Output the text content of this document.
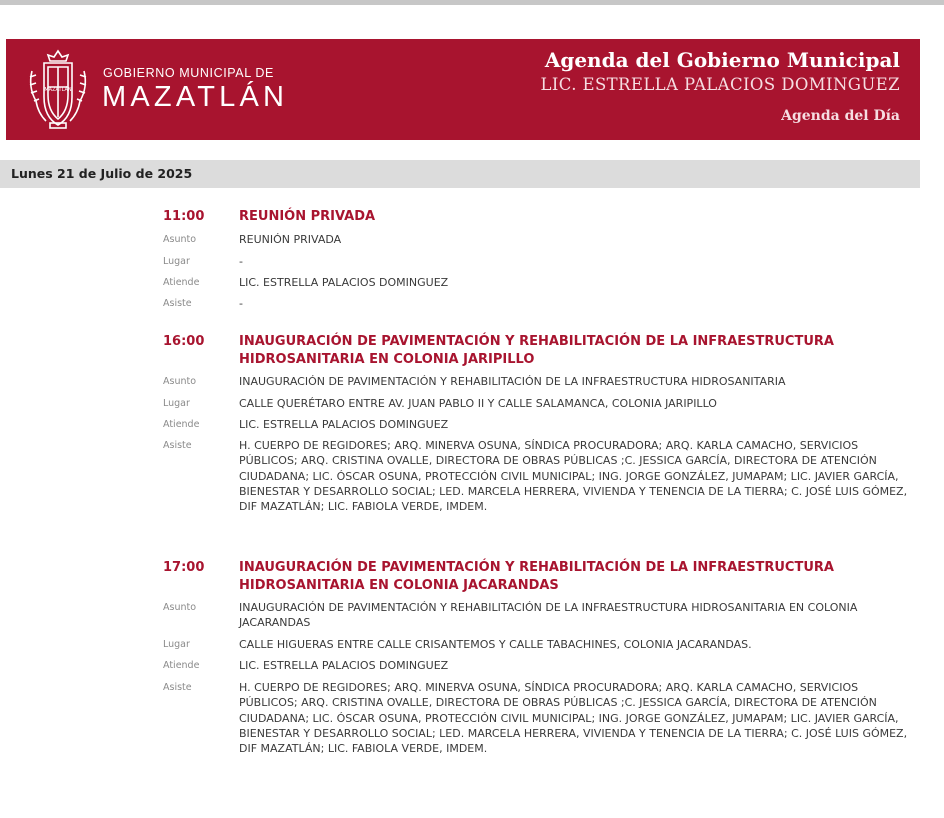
MAZATLÁN
GOBIERNO MUNICIPAL DE
MAZATLÁN
Agenda del Gobierno Municipal
LIC. ESTRELLA PALACIOS DOMINGUEZ
Agenda del Día
Lunes 21 de Julio de 2025
11:00	REUNIÓN PRIVADA
Asunto	REUNIÓN PRIVADA
Lugar	-
Atiende	LIC. ESTRELLA PALACIOS DOMINGUEZ
Asiste	-
16:00	INAUGURACIÓN DE PAVIMENTACIÓN Y REHABILITACIÓN DE LA INFRAESTRUCTURA HIDROSANITARIA EN COLONIA JARIPILLO
Asunto	INAUGURACIÓN DE PAVIMENTACIÓN Y REHABILITACIÓN DE LA INFRAESTRUCTURA HIDROSANITARIA
Lugar	CALLE QUERÉTARO ENTRE AV. JUAN PABLO II Y CALLE SALAMANCA, COLONIA JARIPILLO
Atiende	LIC. ESTRELLA PALACIOS DOMINGUEZ
Asiste	H. CUERPO DE REGIDORES; ARQ. MINERVA OSUNA, SÍNDICA PROCURADORA; ARQ. KARLA CAMACHO, SERVICIOS PÚBLICOS; ARQ. CRISTINA OVALLE, DIRECTORA DE OBRAS PÚBLICAS ;C. JESSICA GARCÍA, DIRECTORA DE ATENCIÓN CIUDADANA; LIC. ÓSCAR OSUNA, PROTECCIÓN CIVIL MUNICIPAL; ING. JORGE GONZÁLEZ, JUMAPAM; LIC. JAVIER GARCÍA, BIENESTAR Y DESARROLLO SOCIAL; LED. MARCELA HERRERA, VIVIENDA Y TENENCIA DE LA TIERRA; C. JOSÉ LUIS GÓMEZ, DIF MAZATLÁN; LIC. FABIOLA VERDE, IMDEM.
17:00	INAUGURACIÓN DE PAVIMENTACIÓN Y REHABILITACIÓN DE LA INFRAESTRUCTURA HIDROSANITARIA EN COLONIA JACARANDAS
Asunto	INAUGURACIÓN DE PAVIMENTACIÓN Y REHABILITACIÓN DE LA INFRAESTRUCTURA HIDROSANITARIA EN COLONIA JACARANDAS
Lugar	CALLE HIGUERAS ENTRE CALLE CRISANTEMOS Y CALLE TABACHINES, COLONIA JACARANDAS.
Atiende	LIC. ESTRELLA PALACIOS DOMINGUEZ
Asiste	H. CUERPO DE REGIDORES; ARQ. MINERVA OSUNA, SÍNDICA PROCURADORA; ARQ. KARLA CAMACHO, SERVICIOS PÚBLICOS; ARQ. CRISTINA OVALLE, DIRECTORA DE OBRAS PÚBLICAS ;C. JESSICA GARCÍA, DIRECTORA DE ATENCIÓN CIUDADANA; LIC. ÓSCAR OSUNA, PROTECCIÓN CIVIL MUNICIPAL; ING. JORGE GONZÁLEZ, JUMAPAM; LIC. JAVIER GARCÍA, BIENESTAR Y DESARROLLO SOCIAL; LED. MARCELA HERRERA, VIVIENDA Y TENENCIA DE LA TIERRA; C. JOSÉ LUIS GÓMEZ, DIF MAZATLÁN; LIC. FABIOLA VERDE, IMDEM.
